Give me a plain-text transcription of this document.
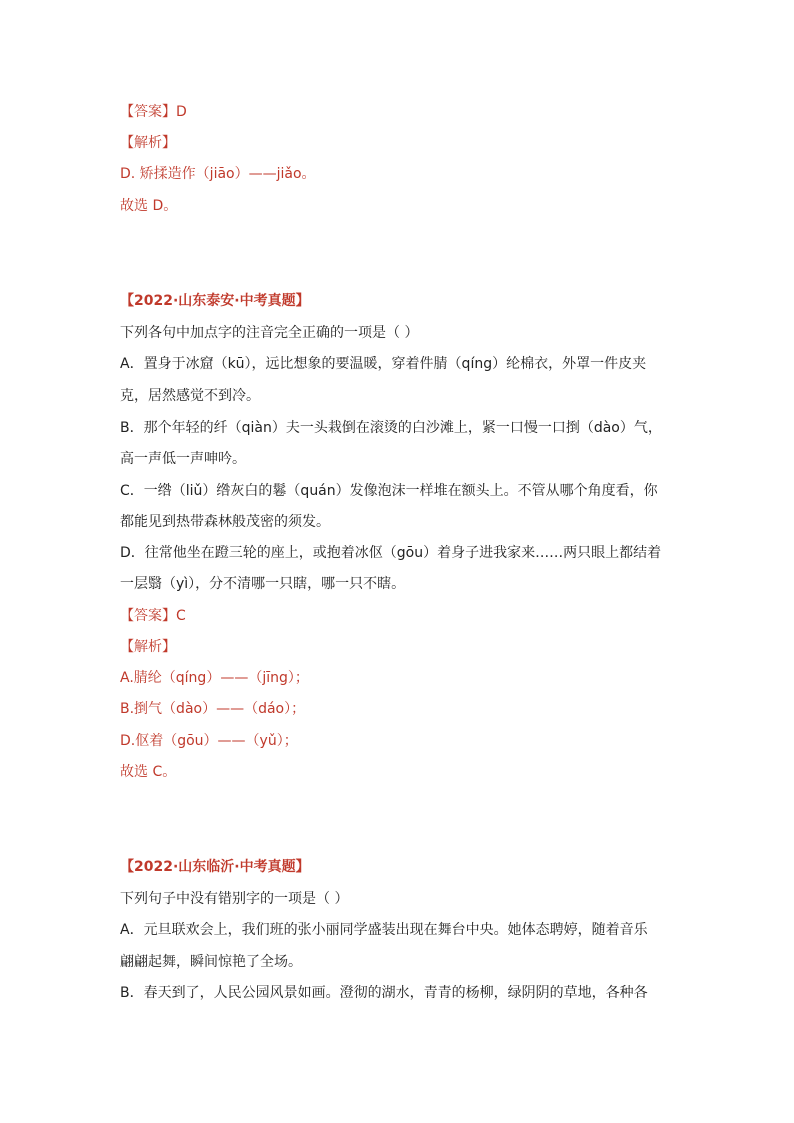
【答案】D
【解析】
D. 矫揉造作（jiāo）——jiǎo。
故选 D。
【2022·山东泰安·中考真题】
下列各句中加点字的注音完全正确的一项是（ ）
A．置身于冰窟（kū），远比想象的要温暖，穿着件腈（qíng）纶棉衣，外罩一件皮夹
克，居然感觉不到冷。
B．那个年轻的纤（qiàn）夫一头栽倒在滚烫的白沙滩上，紧一口慢一口捯（dào）气，
高一声低一声呻吟。
C．一绺（liǔ）绺灰白的鬈（quán）发像泡沫一样堆在额头上。不管从哪个角度看，你
都能见到热带森林般茂密的须发。
D．往常他坐在蹬三轮的座上，或抱着冰伛（gōu）着身子进我家来……两只眼上都结着
一层翳（yì），分不清哪一只瞎，哪一只不瞎。
【答案】C
【解析】
A.腈纶（qíng）——（jīng）；
B.捯气（dào）——（dáo）；
D.伛着（gōu）——（yǔ）；
故选 C。
【2022·山东临沂·中考真题】
下列句子中没有错别字的一项是（ ）
A．元旦联欢会上，我们班的张小丽同学盛装出现在舞台中央。她体态聘婷，随着音乐
翩翩起舞，瞬间惊艳了全场。
B．春天到了，人民公园风景如画。澄彻的湖水，青青的杨柳，绿阴阴的草地，各种各
